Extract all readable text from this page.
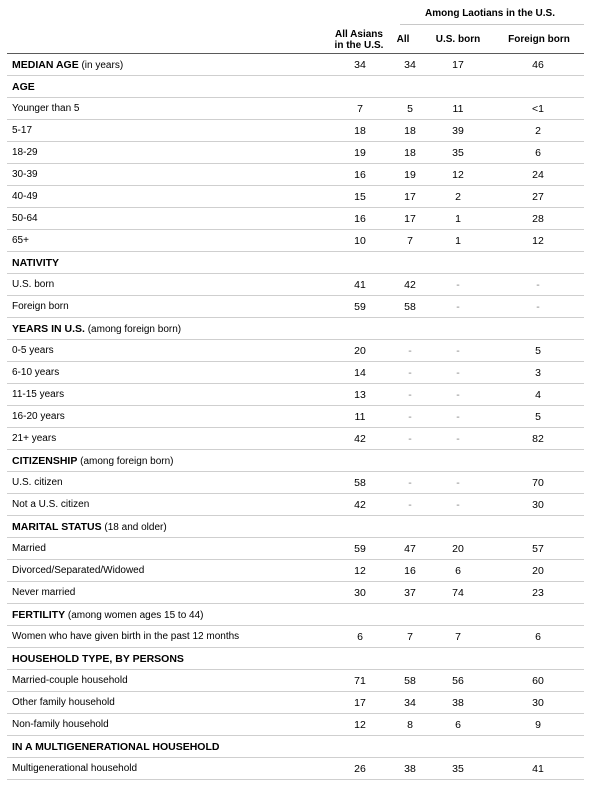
Among Laotians in the U.S.
All Asians
in the U.S.
All	U.S. born	Foreign born
MEDIAN AGE (in years)	34	34	17	46
AGE
Younger than 5	7	5	11	<1
5-17	18	18	39	2
18-29	19	18	35	6
30-39	16	19	12	24
40-49	15	17	2	27
50-64	16	17	1	28
65+	10	7	1	12
NATIVITY
U.S. born	41	42	-	-
Foreign born	59	58	-	-
YEARS IN U.S. (among foreign born)
0-5 years	20	-	-	5
6-10 years	14	-	-	3
11-15 years	13	-	-	4
16-20 years	11	-	-	5
21+ years	42	-	-	82
CITIZENSHIP (among foreign born)
U.S. citizen	58	-	-	70
Not a U.S. citizen	42	-	-	30
MARITAL STATUS (18 and older)
Married	59	47	20	57
Divorced/Separated/Widowed	12	16	6	20
Never married	30	37	74	23
FERTILITY (among women ages 15 to 44)
Women who have given birth in the past 12 months	6	7	7	6
HOUSEHOLD TYPE, BY PERSONS
Married-couple household	71	58	56	60
Other family household	17	34	38	30
Non-family household	12	8	6	9
IN A MULTIGENERATIONAL HOUSEHOLD
Multigenerational household	26	38	35	41
